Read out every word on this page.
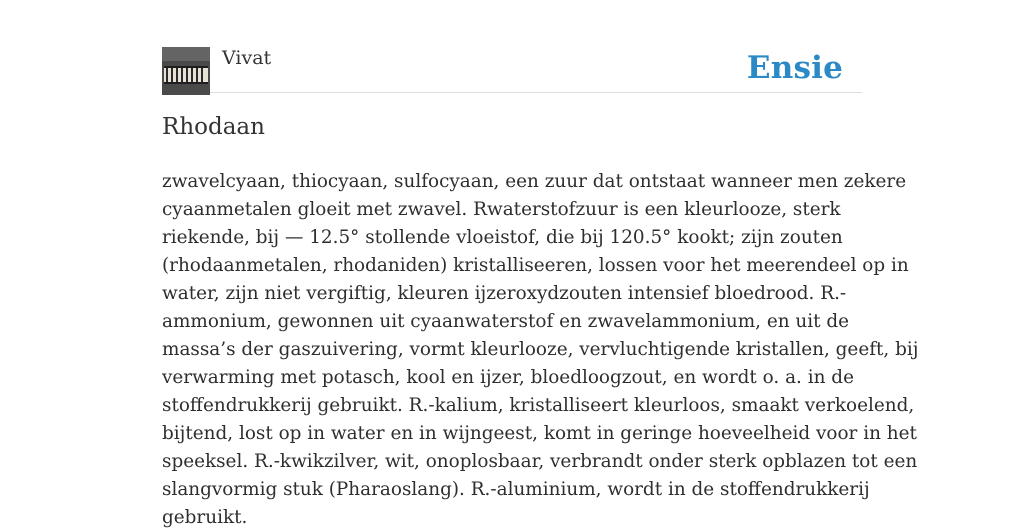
Vivat	Ensie
Rhodaan
zwavelcyaan, thiocyaan, sulfocyaan, een zuur dat ontstaat wanneer men zekere
cyaanmetalen gloeit met zwavel. Rwaterstofzuur is een kleurlooze, sterk
riekende, bij — 12.5° stollende vloeistof, die bij 120.5° kookt; zijn zouten
(rhodaanmetalen, rhodaniden) kristalliseeren, lossen voor het meerendeel op in
water, zijn niet vergiftig, kleuren ijzeroxydzouten intensief bloedrood. R.-
ammonium, gewonnen uit cyaanwaterstof en zwavelammonium, en uit de
massa’s der gaszuivering, vormt kleurlooze, vervluchtigende kristallen, geeft, bij
verwarming met potasch, kool en ijzer, bloedloogzout, en wordt o. a. in de
stoffendrukkerij gebruikt. R.-kalium, kristalliseert kleurloos, smaakt verkoelend,
bijtend, lost op in water en in wijngeest, komt in geringe hoeveelheid voor in het
speeksel. R.-kwikzilver, wit, onoplosbaar, verbrandt onder sterk opblazen tot een
slangvormig stuk (Pharaoslang). R.-aluminium, wordt in de stoffendrukkerij
gebruikt.
